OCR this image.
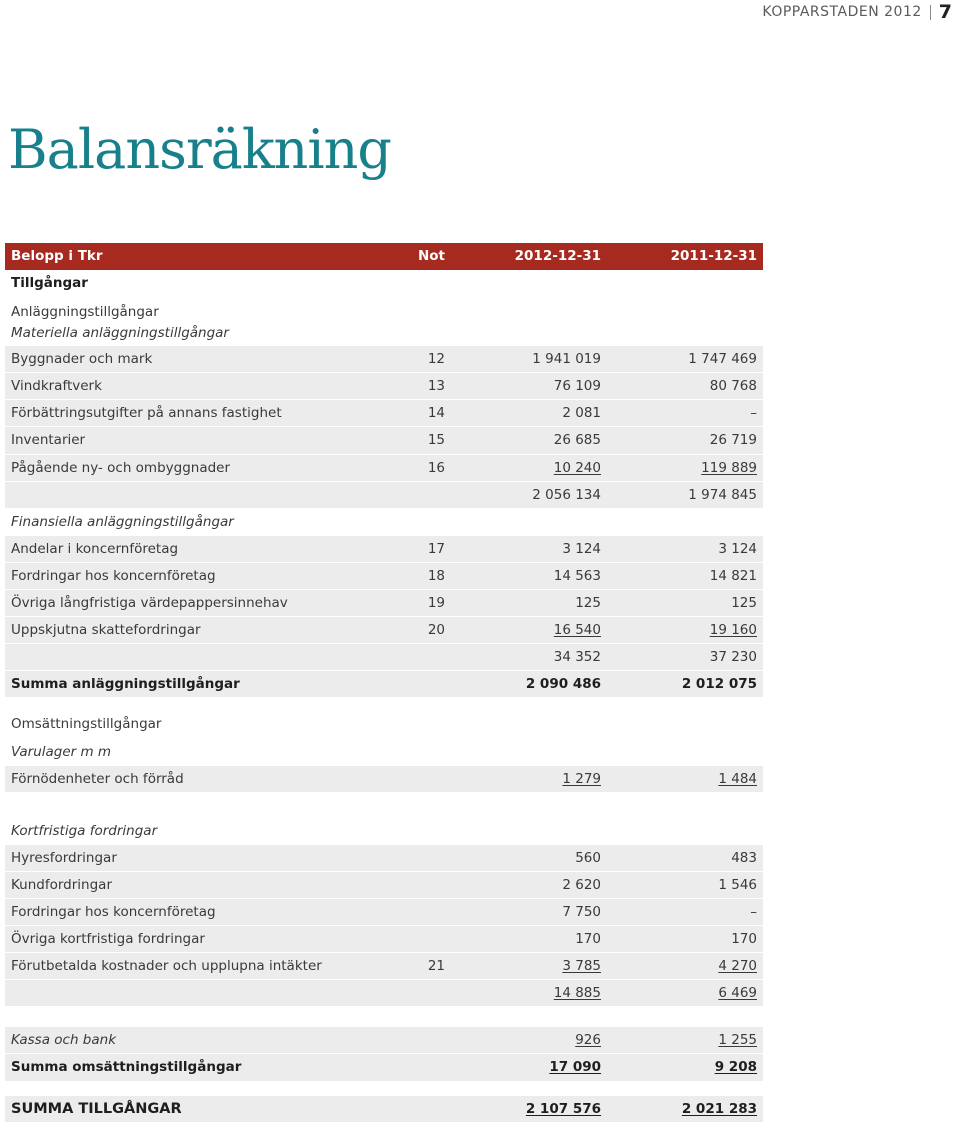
KOPPARSTADEN 2012 7
Balansräkning
Belopp i Tkr	Not	2012-12-31	2011-12-31
Tillgångar
Anläggningstillgångar
Materiella anläggningstillgångar
Byggnader och mark	12	1 941 019	1 747 469
Vindkraftverk	13	76 109	80 768
Förbättringsutgifter på annans fastighet	14	2 081	–
Inventarier	15	26 685	26 719
Pågående ny- och ombyggnader	16	10 240	119 889
2 056 134	1 974 845
Finansiella anläggningstillgångar
Andelar i koncernföretag	17	3 124	3 124
Fordringar hos koncernföretag	18	14 563	14 821
Övriga långfristiga värdepappersinnehav	19	125	125
Uppskjutna skattefordringar	20	16 540	19 160
34 352	37 230
Summa anläggningstillgångar	2 090 486	2 012 075
Omsättningstillgångar
Varulager m m
Förnödenheter och förråd	1 279	1 484
Kortfristiga fordringar
Hyresfordringar	560	483
Kundfordringar	2 620	1 546
Fordringar hos koncernföretag	7 750	–
Övriga kortfristiga fordringar	170	170
Förutbetalda kostnader och upplupna intäkter	21	3 785	4 270
14 885	6 469
Kassa och bank	926	1 255
Summa omsättningstillgångar	17 090	9 208
SUMMA TILLGÅNGAR	2 107 576	2 021 283
